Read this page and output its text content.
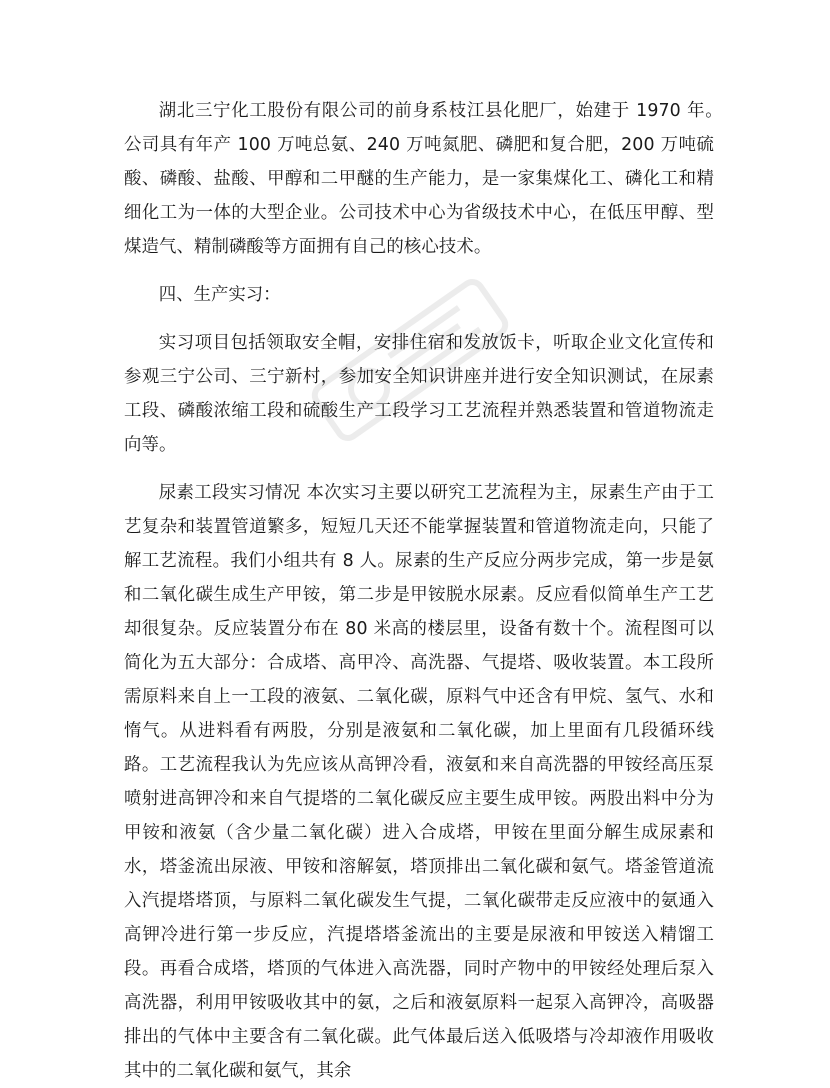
湖北三宁化工股份有限公司的前身系枝江县化肥厂，始建于 1970 年。　公司具有年产 100 万吨总氨、240 万吨氮肥、磷肥和复合肥，200 万吨硫酸、磷酸、盐酸、甲醇和二甲醚的生产能力，是一家集煤化工、磷化工和精细化工为一体的大型企业。公司技术中心为省级技术中心，在低压甲醇、型煤造气、精制磷酸等方面拥有自己的核心技术。

四、生产实习：

实习项目包括领取安全帽，安排住宿和发放饭卡，听取企业文化宣传和参观三宁公司、三宁新村，参加安全知识讲座并进行安全知识测试，在尿素工段、磷酸浓缩工段和硫酸生产工段学习工艺流程并熟悉装置和管道物流走向等。

尿素工段实习情况 本次实习主要以研究工艺流程为主，尿素生产由于工艺复杂和装置管道繁多，短短几天还不能掌握装置和管道物流走向，只能了解工艺流程。我们小组共有 8 人。尿素的生产反应分两步完成，第一步是氨和二氧化碳生成生产甲铵，第二步是甲铵脱水尿素。反应看似简单生产工艺却很复杂。反应装置分布在 80 米高的楼层里，设备有数十个。流程图可以简化为五大部分：合成塔、高甲冷、高洗器、气提塔、吸收装置。本工段所需原料来自上一工段的液氨、二氧化碳，原料气中还含有甲烷、氢气、水和惰气。从进料看有两股，分别是液氨和二氧化碳，加上里面有几段循环线路。工艺流程我认为先应该从高钾冷看，液氨和来自高洗器的甲铵经高压泵喷射进高钾冷和来自气提塔的二氧化碳反应主要生成甲铵。两股出料中分为甲铵和液氨（含少量二氧化碳）进入合成塔，甲铵在里面分解生成尿素和水，塔釜流出尿液、甲铵和溶解氨，塔顶排出二氧化碳和氨气。塔釜管道流入汽提塔塔顶，与原料二氧化碳发生气提，二氧化碳带走反应液中的氨通入高钾冷进行第一步反应，汽提塔塔釜流出的主要是尿液和甲铵送入精馏工段。再看合成塔，塔顶的气体进入高洗器，同时产物中的甲铵经处理后泵入高洗器，利用甲铵吸收其中的氨，之后和液氨原料一起泵入高钾冷，高吸器排出的气体中主要含有二氧化碳。此气体最后送入低吸塔与冷却液作用吸收其中的二氧化碳和氨气，其余
